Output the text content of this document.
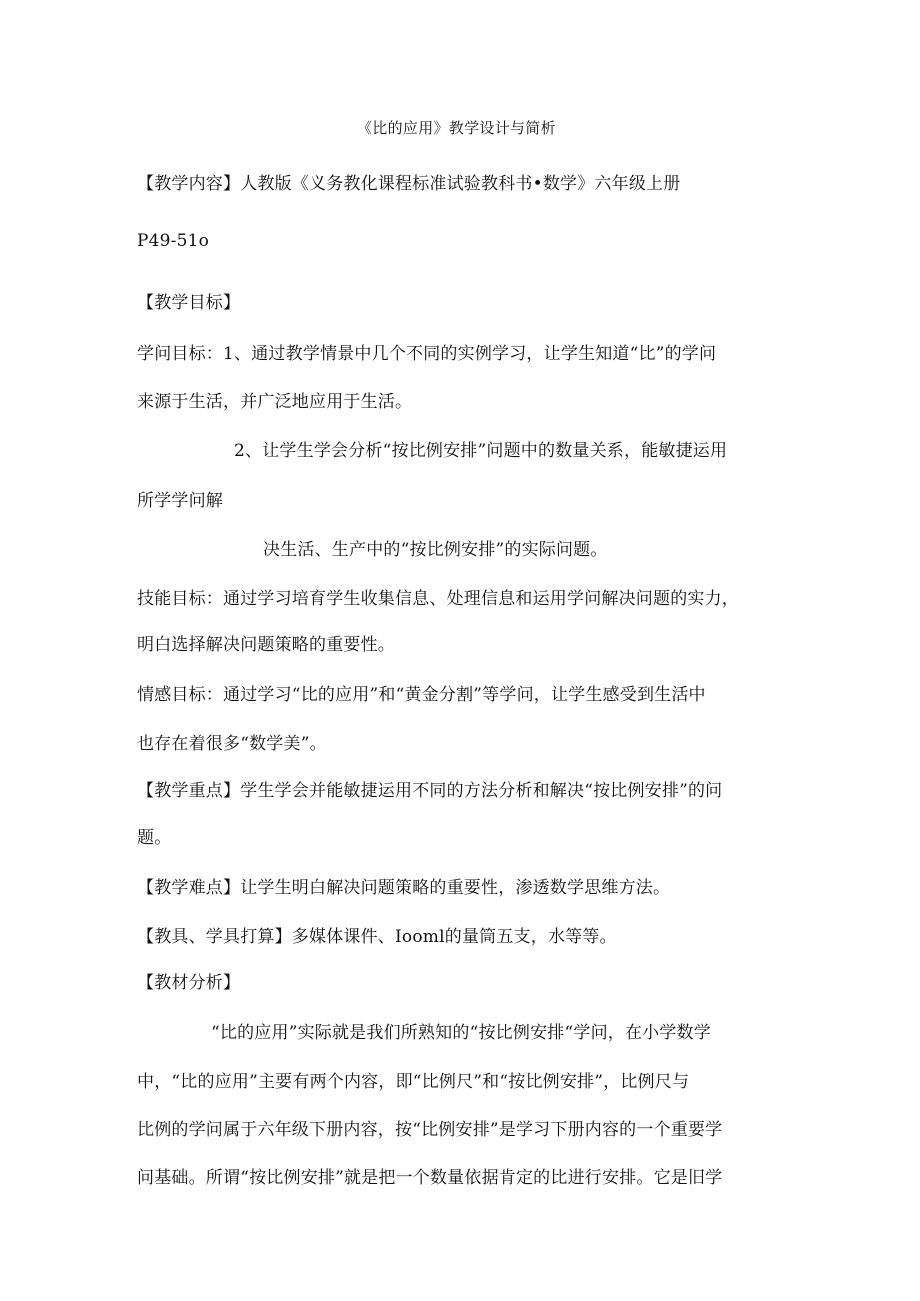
《比的应用》教学设计与简析
【教学内容】人教版《义务教化课程标准试验教科书•数学》六年级上册
P49-51o
【教学目标】
学问目标：1、通过教学情景中几个不同的实例学习，让学生知道“比”的学问
来源于生活，并广泛地应用于生活。
2、让学生学会分析“按比例安排”问题中的数量关系，能敏捷运用
所学学问解
决生活、生产中的“按比例安排”的实际问题。
技能目标：通过学习培育学生收集信息、处理信息和运用学问解决问题的实力，
明白选择解决问题策略的重要性。
情感目标：通过学习“比的应用”和“黄金分割”等学问，让学生感受到生活中
也存在着很多“数学美”。
【教学重点】学生学会并能敏捷运用不同的方法分析和解决“按比例安排”的问
题。
【教学难点】让学生明白解决问题策略的重要性，渗透数学思维方法。
【教具、学具打算】多媒体课件、Iooml的量筒五支，水等等。
【教材分析】
“比的应用”实际就是我们所熟知的“按比例安排“学问，在小学数学
中，“比的应用”主要有两个内容，即“比例尺”和“按比例安排”，比例尺与
比例的学问属于六年级下册内容，按“比例安排”是学习下册内容的一个重要学
问基础。所谓“按比例安排”就是把一个数量依据肯定的比进行安排。它是旧学
